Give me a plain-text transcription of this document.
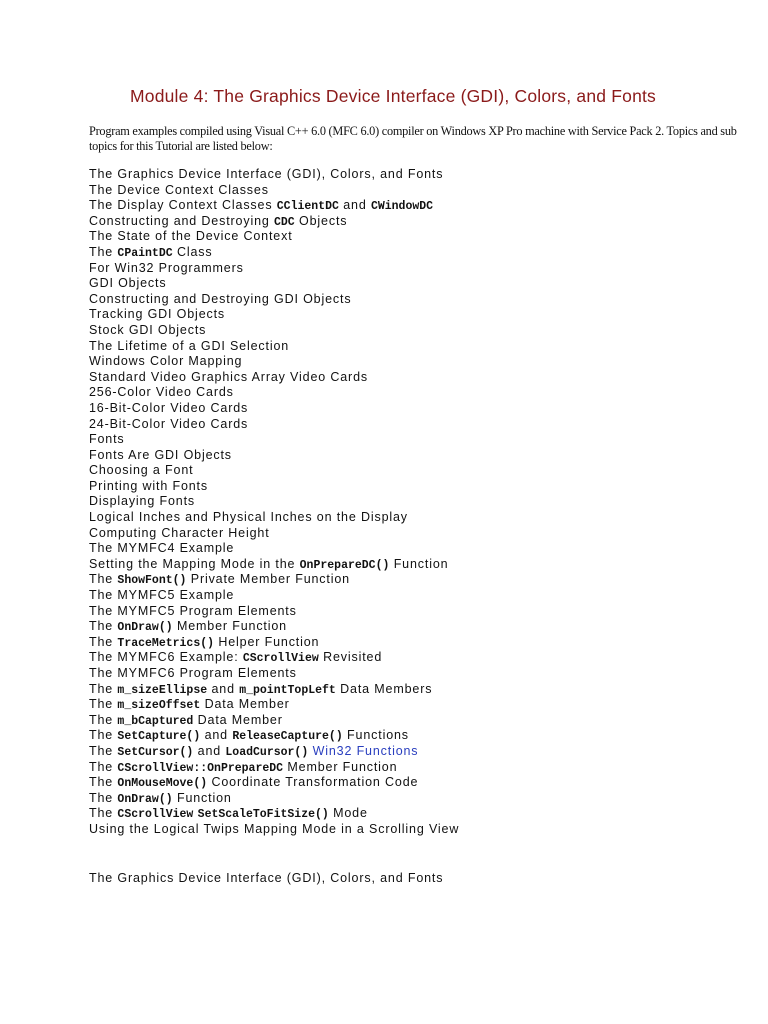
Module 4: The Graphics Device Interface (GDI), Colors, and Fonts
Program examples compiled using Visual C++ 6.0 (MFC 6.0) compiler on Windows XP Pro machine with Service Pack 2. Topics and sub topics for this Tutorial are listed below:
The Graphics Device Interface (GDI), Colors, and Fonts
The Device Context Classes
The Display Context Classes CClientDC and CWindowDC
Constructing and Destroying CDC Objects
The State of the Device Context
The CPaintDC Class
For Win32 Programmers
GDI Objects
Constructing and Destroying GDI Objects
Tracking GDI Objects
Stock GDI Objects
The Lifetime of a GDI Selection
Windows Color Mapping
Standard Video Graphics Array Video Cards
256-Color Video Cards
16-Bit-Color Video Cards
24-Bit-Color Video Cards
Fonts
Fonts Are GDI Objects
Choosing a Font
Printing with Fonts
Displaying Fonts
Logical Inches and Physical Inches on the Display
Computing Character Height
The MYMFC4 Example
Setting the Mapping Mode in the OnPrepareDC() Function
The ShowFont() Private Member Function
The MYMFC5 Example
The MYMFC5 Program Elements
The OnDraw() Member Function
The TraceMetrics() Helper Function
The MYMFC6 Example: CScrollView Revisited
The MYMFC6 Program Elements
The m_sizeEllipse and m_pointTopLeft Data Members
The m_sizeOffset Data Member
The m_bCaptured Data Member
The SetCapture() and ReleaseCapture() Functions
The SetCursor() and LoadCursor() Win32 Functions
The CScrollView::OnPrepareDC Member Function
The OnMouseMove() Coordinate Transformation Code
The OnDraw() Function
The CScrollView SetScaleToFitSize() Mode
Using the Logical Twips Mapping Mode in a Scrolling View
The Graphics Device Interface (GDI), Colors, and Fonts
